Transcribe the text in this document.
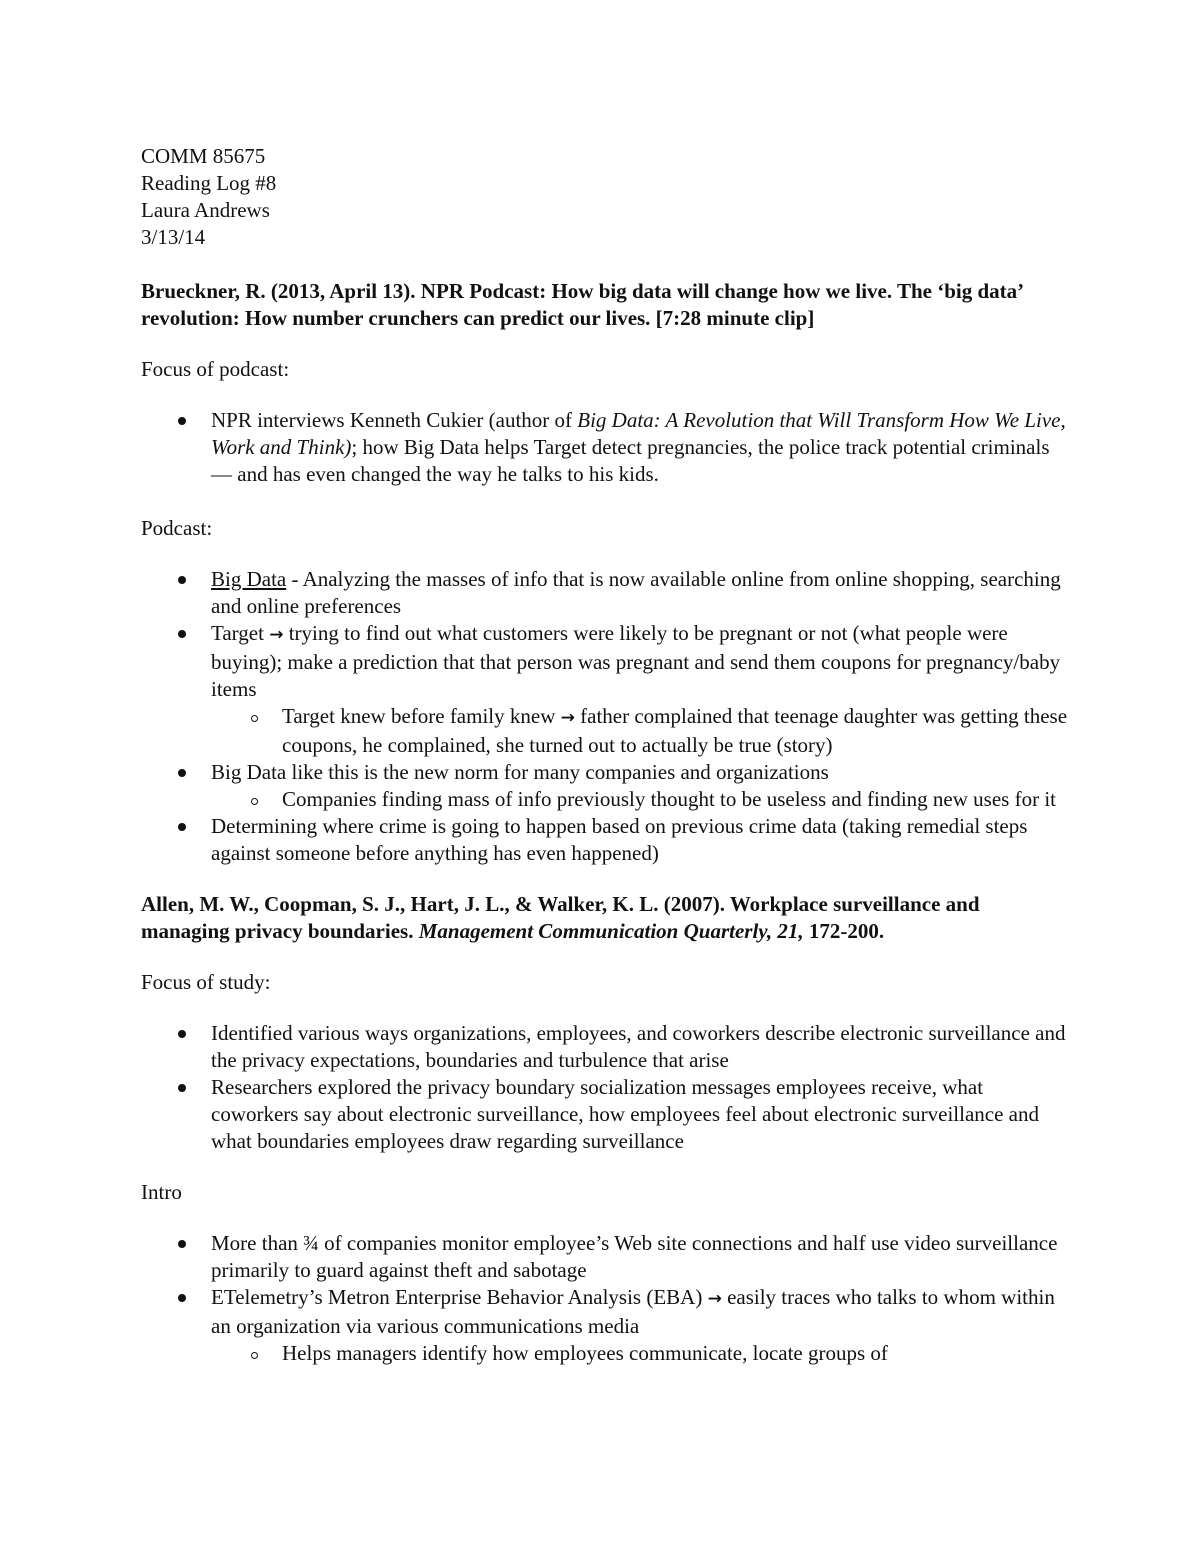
COMM 85675

Reading Log #8

Laura Andrews

3/13/14

Brueckner, R. (2013, April 13). NPR Podcast: How big data will change how we live. The ‘big data’ revolution: How number crunchers can predict our lives. [7:28 minute clip]

Focus of podcast:

NPR interviews Kenneth Cukier (author of Big Data: A Revolution that Will Transform How We Live, Work and Think); how Big Data helps Target detect pregnancies, the police track potential criminals — and has even changed the way he talks to his kids.

Podcast:

Big Data - Analyzing the masses of info that is now available online from online shopping, searching and online preferences
Target → trying to find out what customers were likely to be pregnant or not (what people were buying); make a prediction that that person was pregnant and send them coupons for pregnancy/baby items
Target knew before family knew → father complained that teenage daughter was getting these coupons, he complained, she turned out to actually be true (story)
Big Data like this is the new norm for many companies and organizations
Companies finding mass of info previously thought to be useless and finding new uses for it
Determining where crime is going to happen based on previous crime data (taking remedial steps against someone before anything has even happened)

Allen, M. W., Coopman, S. J., Hart, J. L., & Walker, K. L. (2007). Workplace surveillance and managing privacy boundaries. Management Communication Quarterly, 21, 172-200.

Focus of study:

Identified various ways organizations, employees, and coworkers describe electronic surveillance and the privacy expectations, boundaries and turbulence that arise
Researchers explored the privacy boundary socialization messages employees receive, what coworkers say about electronic surveillance, how employees feel about electronic surveillance and what boundaries employees draw regarding surveillance

Intro

More than ¾ of companies monitor employee’s Web site connections and half use video surveillance primarily to guard against theft and sabotage
ETelemetry’s Metron Enterprise Behavior Analysis (EBA) → easily traces who talks to whom within an organization via various communications media
Helps managers identify how employees communicate, locate groups of
